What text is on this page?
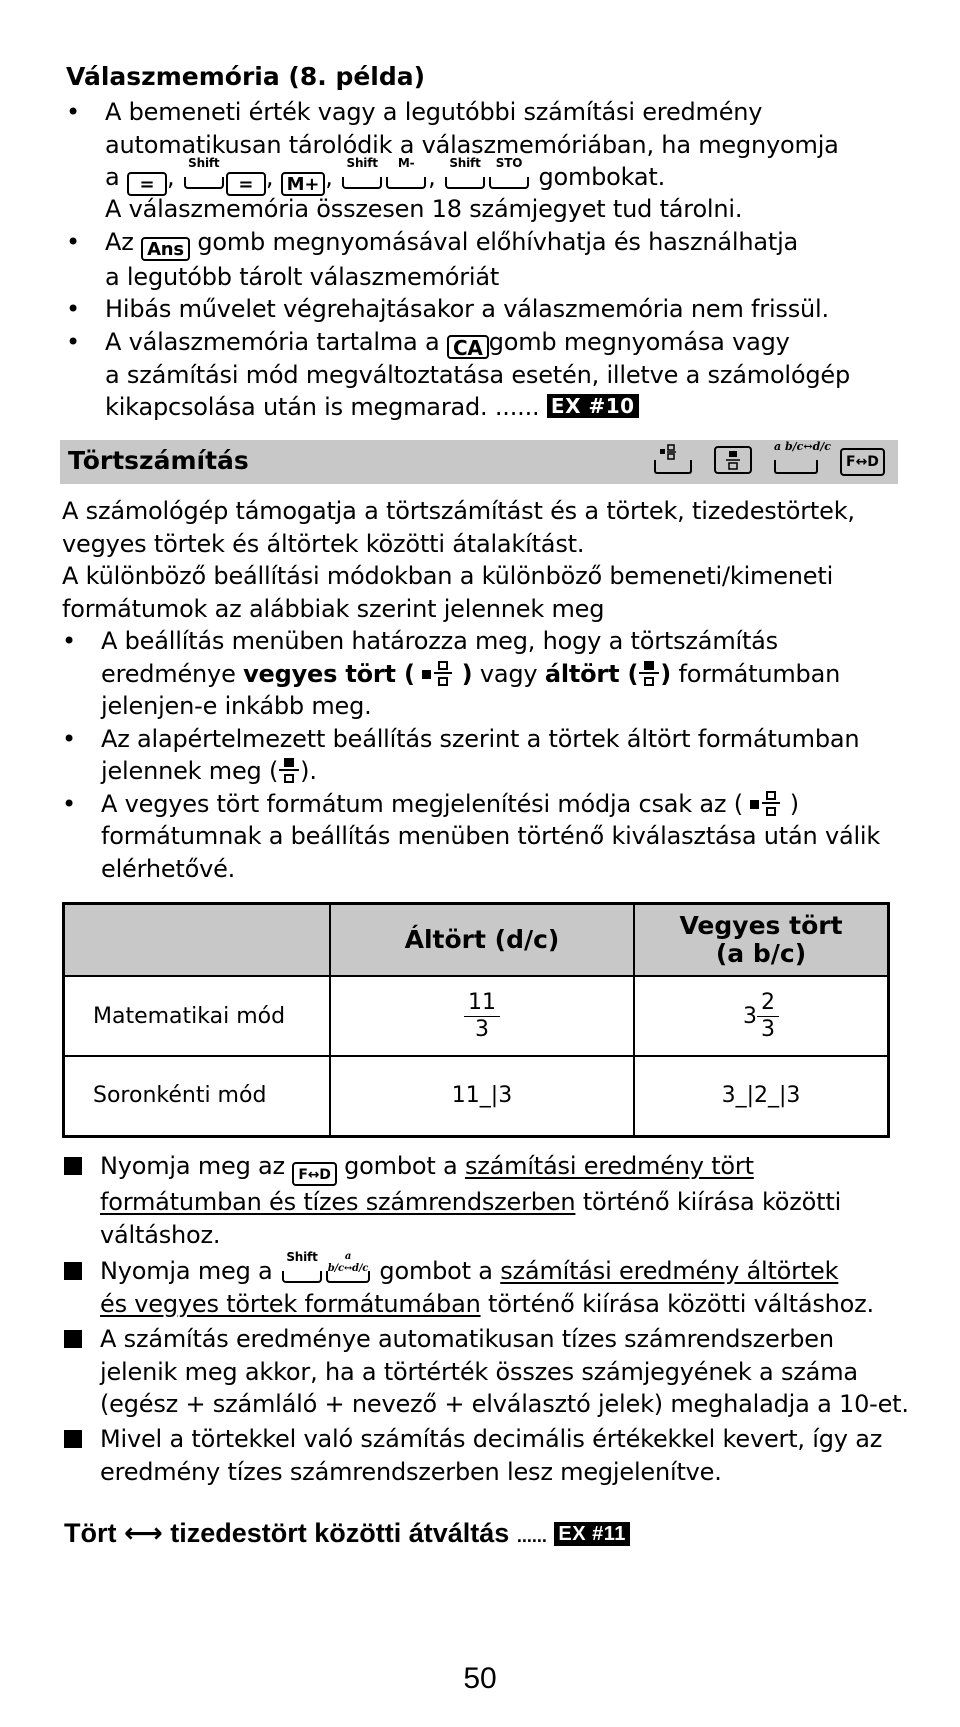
Válaszmemória (8. példa)
• A bemeneti érték vagy a legutóbbi számítási eredmény
automatikusan tárolódik a válaszmemóriában, ha megnyomja
a = , Shift
= , M+ , Shift	M- , Shift	STO gombokat.
A válaszmemória összesen 18 számjegyet tud tárolni.
• Az Ans gomb megnyomásával előhívhatja és használhatja
a legutóbb tárolt válaszmemóriát
• Hibás művelet végrehajtásakor a válaszmemória nem frissül.
• A válaszmemória tartalma a CA gomb megnyomása vagy
a számítási mód megváltoztatása esetén, illetve a számológép
kikapcsolása után is megmarad. ...... EX #10
Törtszámítás	a b/c↔d/c
F↔D
A számológép támogatja a törtszámítást és a törtek, tizedestörtek,
vegyes törtek és áltörtek közötti átalakítást.
A különböző beállítási módokban a különböző bemeneti/kimeneti
formátumok az alábbiak szerint jelennek meg
• A beállítás menüben határozza meg, hogy a törtszámítás
eredménye vegyes tört ( ) vagy áltört ( ) formátumban
jelenjen-e inkább meg.
• Az alapértelmezett beállítás szerint a törtek áltört formátumban
jelennek meg ( ).
• A vegyes tört formátum megjelenítési módja csak az ( )
formátumnak a beállítás menüben történő kiválasztása után válik
elérhetővé.
	Áltört (d/c)	Vegyes tört
(a b/c)

Matematikai mód	$\frac{11}{3}$	$3 \frac{2}{3}$

Soronkénti mód	11_|3	3_|2_|3
Nyomja meg az F↔D gombot a számítási eredmény tört
formátumban és tízes számrendszerben történő kiírása közötti
váltáshoz.
Nyomja meg a	Shift	a b/c↔d/c gombot a számítási eredmény áltörtek
és vegyes törtek formátumában történő kiírása közötti váltáshoz.
A számítás eredménye automatikusan tízes számrendszerben
jelenik meg akkor, ha a törtérték összes számjegyének a száma
(egész + számláló + nevező + elválasztó jelek) meghaladja a 10-et.
Mivel a törtekkel való számítás decimális értékekkel kevert, így az
eredmény tízes számrendszerben lesz megjelenítve.
Tört ⟷ tizedestört közötti átváltás ...... EX #11
50
